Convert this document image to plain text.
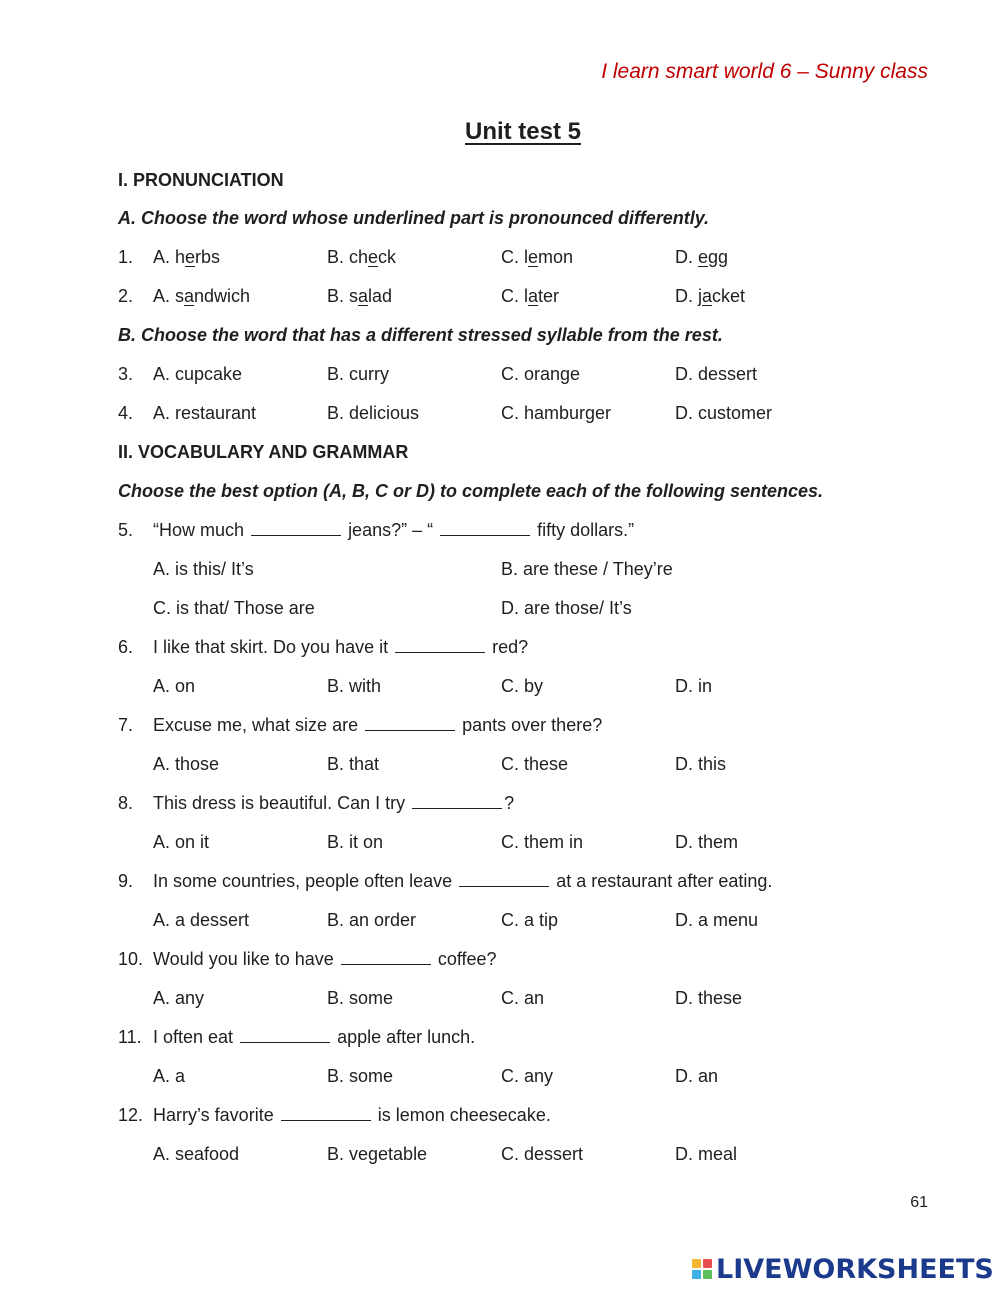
I learn smart world 6 – Sunny class
Unit test 5
I. PRONUNCIATION
A. Choose the word whose underlined part is pronounced differently.
1. A. herbs	B. check	C. lemon	D. egg
2. A. sandwich	B. salad	C. later	D. jacket
B. Choose the word that has a different stressed syllable from the rest.
3. A. cupcake	B. curry	C. orange	D. dessert
4. A. restaurant	B. delicious	C. hamburger	D. customer
II. VOCABULARY AND GRAMMAR
Choose the best option (A, B, C or D) to complete each of the following sentences.
5. “How much	jeans?” – “	fifty dollars.”
A. is this/ It’s	B. are these / They’re
C. is that/ Those are	D. are those/ It’s
6. I like that skirt. Do you have it	red?
A. on	B. with	C. by	D. in
7. Excuse me, what size are	pants over there?
A. those	B. that	C. these	D. this
8. This dress is beautiful. Can I try	?
A. on it	B. it on	C. them in	D. them
9. In some countries, people often leave	at a restaurant after eating.
A. a dessert	B. an order	C. a tip	D. a menu
10. Would you like to have	coffee?
A. any	B. some	C. an	D. these
11. I often eat	apple after lunch.
A. a	B. some	C. any	D. an
12. Harry’s favorite	is lemon cheesecake.
A. seafood	B. vegetable	C. dessert	D. meal
61
LIVEWORKSHEETS
